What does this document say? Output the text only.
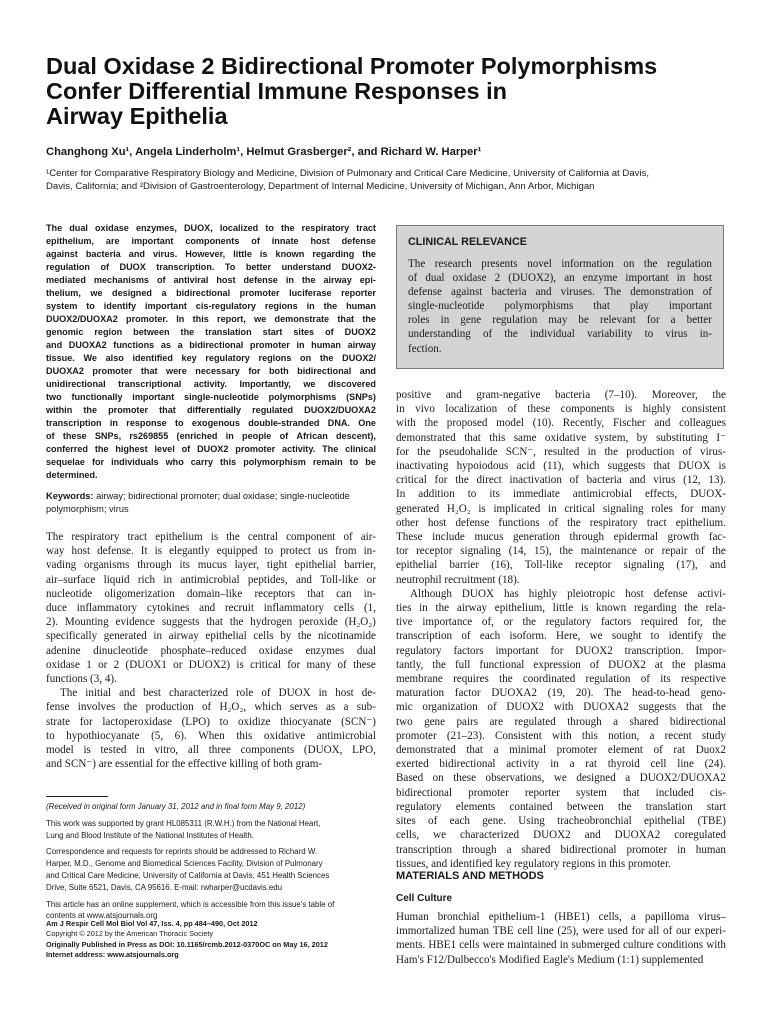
Dual Oxidase 2 Bidirectional Promoter Polymorphisms
Confer Differential Immune Responses in
Airway Epithelia
Changhong Xu¹, Angela Linderholm¹, Helmut Grasberger², and Richard W. Harper¹
¹Center for Comparative Respiratory Biology and Medicine, Division of Pulmonary and Critical Care Medicine, University of California at Davis,
Davis, California; and ²Division of Gastroenterology, Department of Internal Medicine, University of Michigan, Ann Arbor, Michigan
The dual oxidase enzymes, DUOX, localized to the respiratory tract
epithelium, are important components of innate host defense
against bacteria and virus. However, little is known regarding the
regulation of DUOX transcription. To better understand DUOX2-
mediated mechanisms of antiviral host defense in the airway epi-
thelium, we designed a bidirectional promoter luciferase reporter
system to identify important cis-regulatory regions in the human
DUOX2/DUOXA2 promoter. In this report, we demonstrate that the
genomic region between the translation start sites of DUOX2
and DUOXA2 functions as a bidirectional promoter in human airway
tissue. We also identified key regulatory regions on the DUOX2/
DUOXA2 promoter that were necessary for both bidirectional and
unidirectional transcriptional activity. Importantly, we discovered
two functionally important single-nucleotide polymorphisms (SNPs)
within the promoter that differentially regulated DUOX2/DUOXA2
transcription in response to exogenous double-stranded DNA. One
of these SNPs, rs269855 (enriched in people of African descent),
conferred the highest level of DUOX2 promoter activity. The clinical
sequelae for individuals who carry this polymorphism remain to be
determined.
Keywords: airway; bidirectional promoter; dual oxidase; single-nucleotide
polymorphism; virus
The respiratory tract epithelium is the central component of air-
way host defense. It is elegantly equipped to protect us from in-
vading organisms through its mucus layer, tight epithelial barrier,
air–surface liquid rich in antimicrobial peptides, and Toll-like or
nucleotide oligomerization domain–like receptors that can in-
duce inflammatory cytokines and recruit inflammatory cells (1,
2). Mounting evidence suggests that the hydrogen peroxide (H₂O₂)
specifically generated in airway epithelial cells by the nicotinamide
adenine dinucleotide phosphate–reduced oxidase enzymes dual
oxidase 1 or 2 (DUOX1 or DUOX2) is critical for many of these
functions (3, 4).
The initial and best characterized role of DUOX in host de-
fense involves the production of H₂O₂, which serves as a sub-
strate for lactoperoxidase (LPO) to oxidize thiocyanate (SCN⁻)
to hypothiocyanate (5, 6). When this oxidative antimicrobial
model is tested in vitro, all three components (DUOX, LPO,
and SCN⁻) are essential for the effective killing of both gram-
(Received in original form January 31, 2012 and in final form May 9, 2012)
This work was supported by grant HL085311 (R.W.H.) from the National Heart,
Lung and Blood Institute of the National Institutes of Health.
Correspondence and requests for reprints should be addressed to Richard W.
Harper, M.D., Genome and Biomedical Sciences Facility, Division of Pulmonary
and Critical Care Medicine, University of California at Davis, 451 Health Sciences
Drive, Suite 6521, Davis, CA 95616. E-mail: rwharper@ucdavis.edu
This article has an online supplement, which is accessible from this issue's table of
contents at www.atsjournals.org
Am J Respir Cell Mol Biol Vol 47, Iss. 4, pp 484–490, Oct 2012
Copyright © 2012 by the American Thoracic Society
Originally Published in Press as DOI: 10.1165/rcmb.2012-0370OC on May 16, 2012
Internet address: www.atsjournals.org
CLINICAL RELEVANCE
The research presents novel information on the regulation
of dual oxidase 2 (DUOX2), an enzyme important in host
defense against bacteria and viruses. The demonstration of
single-nucleotide polymorphisms that play important
roles in gene regulation may be relevant for a better
understanding of the individual variability to virus in-
fection.
positive and gram-negative bacteria (7–10). Moreover, the
in vivo localization of these components is highly consistent
with the proposed model (10). Recently, Fischer and colleagues
demonstrated that this same oxidative system, by substituting I⁻
for the pseudohalide SCN⁻, resulted in the production of virus-
inactivating hypoiodous acid (11), which suggests that DUOX is
critical for the direct inactivation of bacteria and virus (12, 13).
In addition to its immediate antimicrobial effects, DUOX-
generated H₂O₂ is implicated in critical signaling roles for many
other host defense functions of the respiratory tract epithelium.
These include mucus generation through epidermal growth fac-
tor receptor signaling (14, 15), the maintenance or repair of the
epithelial barrier (16), Toll-like receptor signaling (17), and
neutrophil recruitment (18).
Although DUOX has highly pleiotropic host defense activi-
ties in the airway epithelium, little is known regarding the rela-
tive importance of, or the regulatory factors required for, the
transcription of each isoform. Here, we sought to identify the
regulatory factors important for DUOX2 transcription. Impor-
tantly, the full functional expression of DUOX2 at the plasma
membrane requires the coordinated regulation of its respective
maturation factor DUOXA2 (19, 20). The head-to-head geno-
mic organization of DUOX2 with DUOXA2 suggests that the
two gene pairs are regulated through a shared bidirectional
promoter (21–23). Consistent with this notion, a recent study
demonstrated that a minimal promoter element of rat Duox2
exerted bidirectional activity in a rat thyroid cell line (24).
Based on these observations, we designed a DUOX2/DUOXA2
bidirectional promoter reporter system that included cis-
regulatory elements contained between the translation start
sites of each gene. Using tracheobronchial epithelial (TBE)
cells, we characterized DUOX2 and DUOXA2 coregulated
transcription through a shared bidirectional promoter in human
tissues, and identified key regulatory regions in this promoter.
MATERIALS AND METHODS
Cell Culture
Human bronchial epithelium-1 (HBE1) cells, a papilloma virus–
immortalized human TBE cell line (25), were used for all of our experi-
ments. HBE1 cells were maintained in submerged culture conditions with
Ham's F12/Dulbecco's Modified Eagle's Medium (1:1) supplemented
